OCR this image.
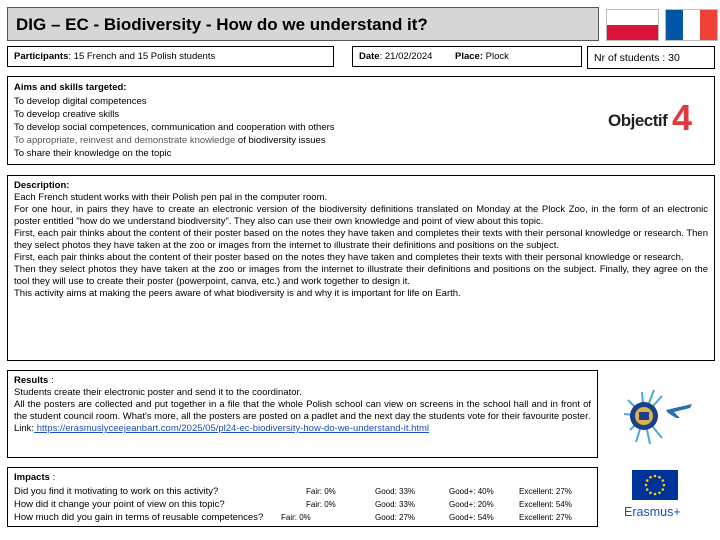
DIG – EC - Biodiversity - How do we understand it?
Participants: 15 French and 15 Polish students	Date: 21/02/2024 Place: Plock	Nr of students : 30
Aims and skills targeted:
To develop digital competences
To develop creative skills
To develop social competences, communication and cooperation with others
To appropriate, reinvest and demonstrate knowledge of biodiversity issues
To share their knowledge on the topic
Objectif 4

Description:

Each French student works with their Polish pen pal in the computer room.

For one hour, in pairs they have to create an electronic version of the biodiversity definitions translated on Monday at the Plock Zoo, in the form of an electronic poster entitled "how do we understand biodiversity". They also can use their own knowledge and point of view about this topic.

First, each pair thinks about the content of their poster based on the notes they have taken and completes their texts with their personal knowledge or research. Then they select photos they have taken at the zoo or images from the internet to illustrate their definitions and positions on the subject.

First, each pair thinks about the content of their poster based on the notes they have taken and completes their texts with their personal knowledge or research.

Then they select photos they have taken at the zoo or images from the internet to illustrate their definitions and positions on the subject. Finally, they agree on the tool they will use to create their poster (powerpoint, canva, etc.) and work together to design it.

This activity aims at making the peers aware of what biodiversity is and why it is important for life on Earth.

Results :

Students create their electronic poster and send it to the coordinator.

All the posters are collected and put together in a file that the whole Polish school can view on screens in the school hall and in front of the student council room. What's more, all the posters are posted on a padlet and the next day the students vote for their favourite poster.

Link: https://erasmuslyceejeanbart.com/2025/05/pl24-ec-biodiversity-how-do-we-understand-it.html

Impacts :
Did you find it motivating to work on this activity?	Fair: 0%	Good: 33%	Good+: 40%	Excellent: 27%
How did it change your point of view on this topic?	Fair: 0%	Good: 33%	Good+: 20%	Excellent: 54%
How much did you gain in terms of reusable competences? Fair: 0%	Good: 27%	Good+: 54%	Excellent: 27%	Erasmus+
